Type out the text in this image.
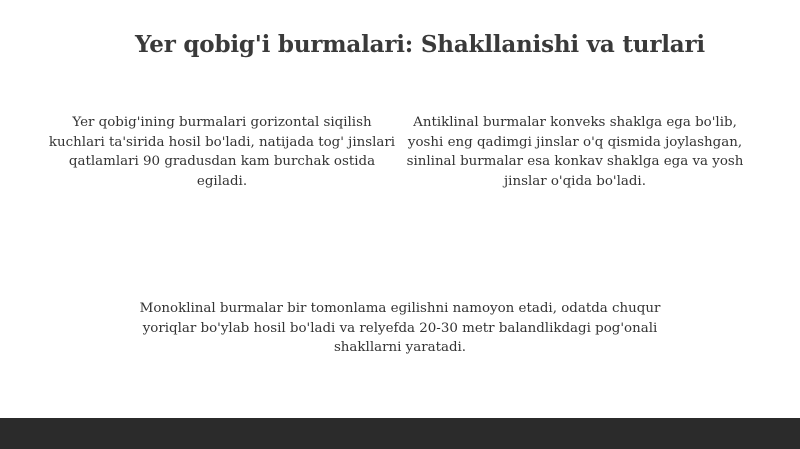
Yer qobig'i burmalari: Shakllanishi va turlari

Yer qobig'ining burmalari gorizontal siqilish kuchlari ta'sirida hosil bo'ladi, natijada tog' jinslari qatlamlari 90 gradusdan kam burchak ostida egiladi.

Antiklinal burmalar konveks shaklga ega bo'lib, yoshi eng qadimgi jinslar o'q qismida joylashgan, sinlinal burmalar esa konkav shaklga ega va yosh jinslar o'qida bo'ladi.

Monoklinal burmalar bir tomonlama egilishni namoyon etadi, odatda chuqur yoriqlar bo'ylab hosil bo'ladi va relyefda 20-30 metr balandlikdagi pog'onali shakllarni yaratadi.
